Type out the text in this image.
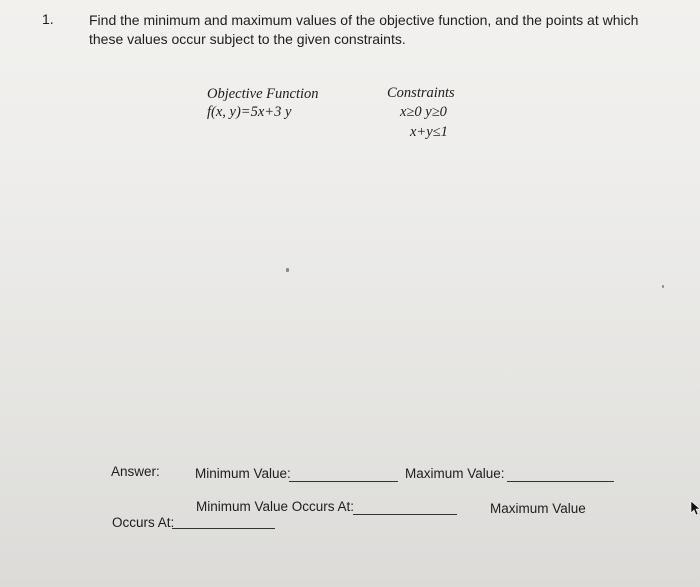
1.	Find the minimum and maximum values of the objective function, and the points at which these values occur subject to the given constraints.
Objective Function
f(x, y)=5x+3 y
Constraints
x≥0 y≥0
x+y≤1
Answer:	Minimum Value:	Maximum Value:
Minimum Value Occurs At:	Maximum Value
Occurs At:
